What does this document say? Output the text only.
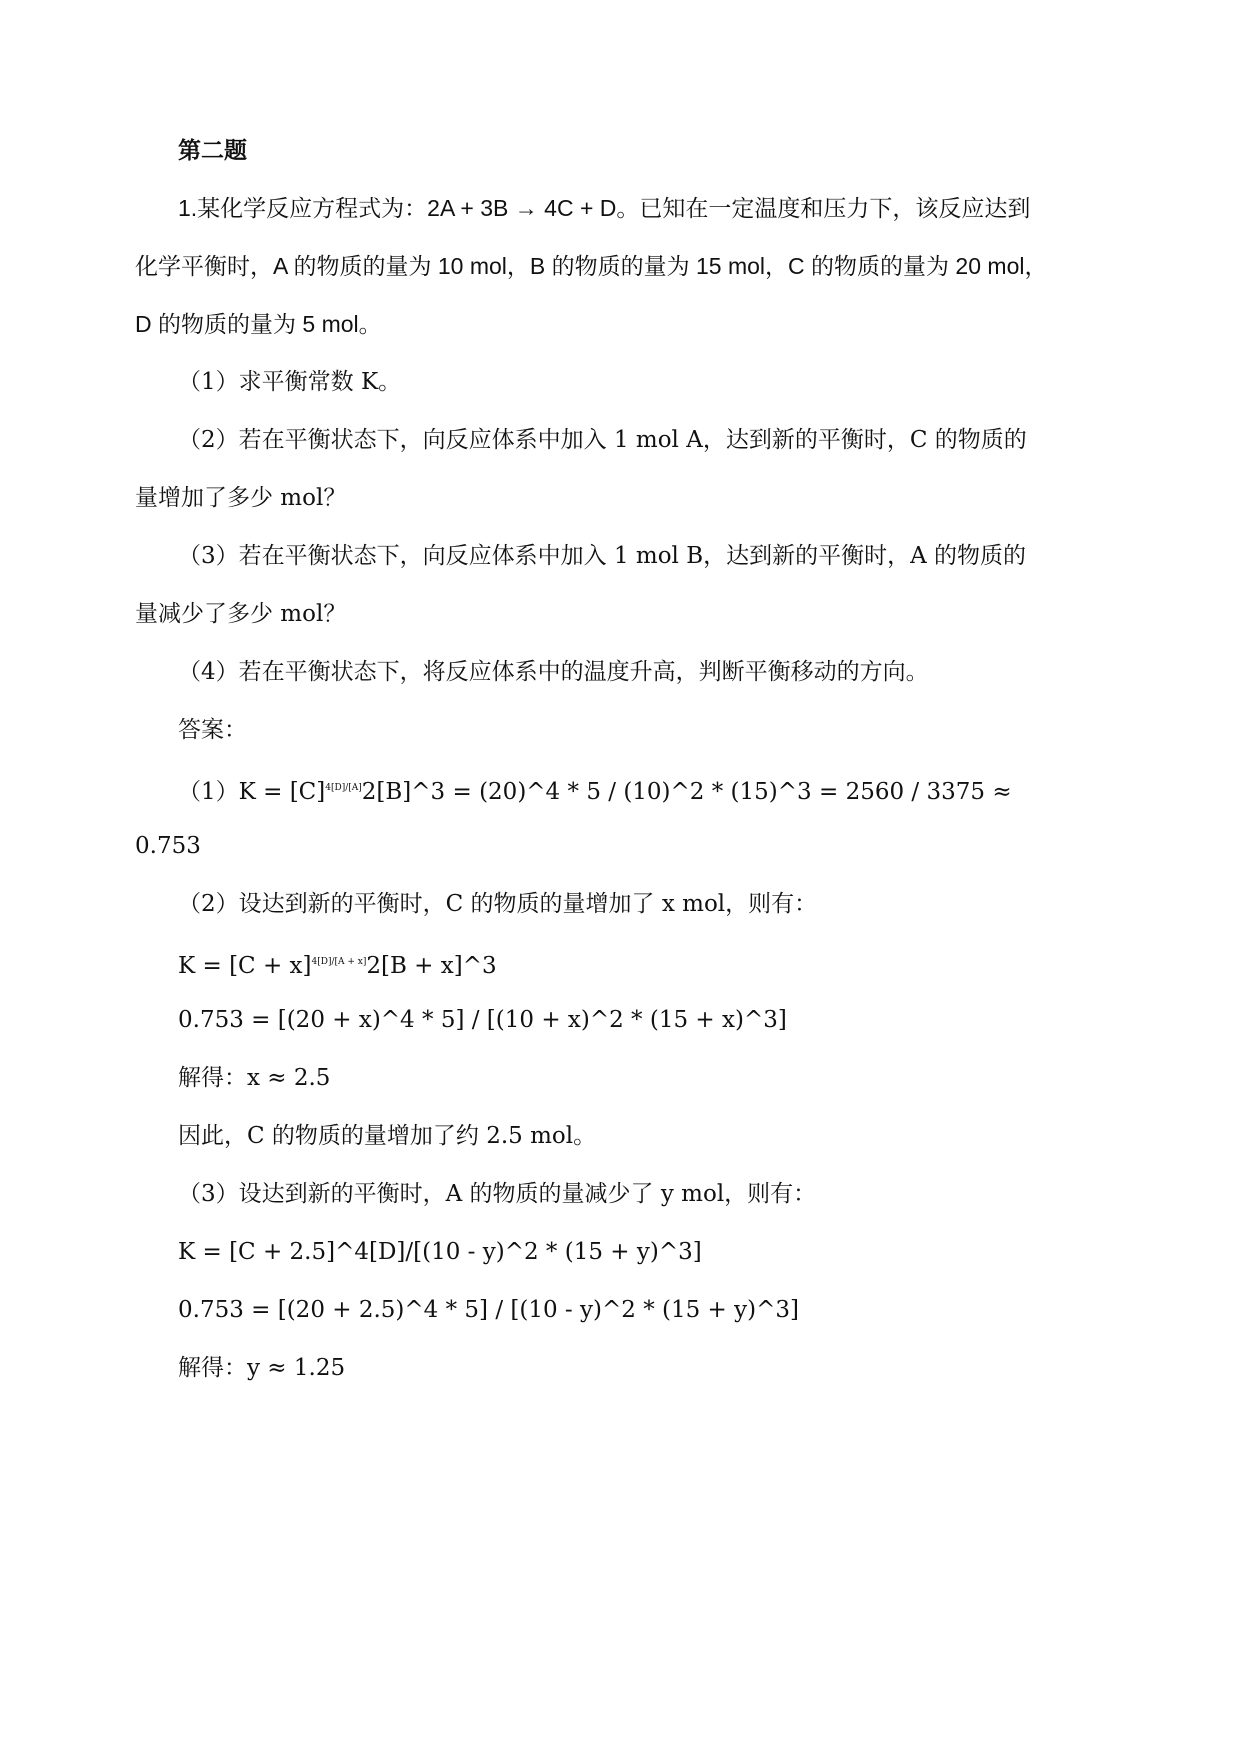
第二题
1.某化学反应方程式为：2A + 3B → 4C + D。已知在一定温度和压力下，该反应达到
化学平衡时，A 的物质的量为 10 mol，B 的物质的量为 15 mol，C 的物质的量为 20 mol，
D 的物质的量为 5 mol。
（1）求平衡常数 K。
（2）若在平衡状态下，向反应体系中加入 1 mol A，达到新的平衡时，C 的物质的
量增加了多少 mol？
（3）若在平衡状态下，向反应体系中加入 1 mol B，达到新的平衡时，A 的物质的
量减少了多少 mol？
（4）若在平衡状态下，将反应体系中的温度升高，判断平衡移动的方向。
答案：
$(1)K = [C]^{4[D]/[A]}2[B]\^{}3$ = (20)^4 * 5 / (10)^2 * (15)^3 = 2560 / 3375 ≈
0.753
（2）设达到新的平衡时，C 的物质的量增加了 x mol，则有：
$K = [C + x]^{4[D]/[A + x]}2[B$ + x]^3
0.753 = [(20 + x)^4 * 5] / [(10 + x)^2 * (15 + x)^3]
解得：x ≈ 2.5
因此，C 的物质的量增加了约 2.5 mol。
（3）设达到新的平衡时，A 的物质的量减少了 y mol，则有：
K = [C + 2.5]^4[D]/[(10 - y)^2 * (15 + y)^3]
0.753 = [(20 + 2.5)^4 * 5] / [(10 - y)^2 * (15 + y)^3]
解得：y ≈ 1.25
